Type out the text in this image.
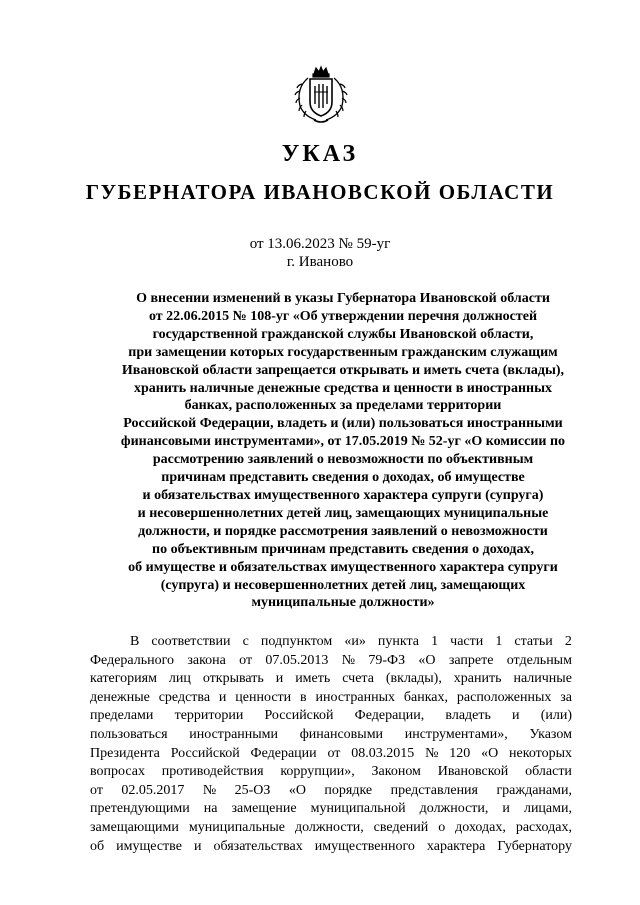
УКАЗ
ГУБЕРНАТОРА ИВАНОВСКОЙ ОБЛАСТИ
от 13.06.2023 № 59-уг
г. Иваново
О внесении изменений в указы Губернатора Ивановской области
от 22.06.2015 № 108-уг «Об утверждении перечня должностей
государственной гражданской службы Ивановской области,
при замещении которых государственным гражданским служащим
Ивановской области запрещается открывать и иметь счета (вклады),
хранить наличные денежные средства и ценности в иностранных
банках, расположенных за пределами территории
Российской Федерации, владеть и (или) пользоваться иностранными
финансовыми инструментами», от 17.05.2019 № 52-уг «О комиссии по
рассмотрению заявлений о невозможности по объективным
причинам представить сведения о доходах, об имуществе
и обязательствах имущественного характера супруги (супруга)
и несовершеннолетних детей лиц, замещающих муниципальные
должности, и порядке рассмотрения заявлений о невозможности
по объективным причинам представить сведения о доходах,
об имуществе и обязательствах имущественного характера супруги
(супруга) и несовершеннолетних детей лиц, замещающих
муниципальные должности»
В соответствии с подпунктом «и» пункта 1 части 1 статьи 2
Федерального закона от 07.05.2013 № 79-ФЗ «О запрете отдельным
категориям лиц открывать и иметь счета (вклады), хранить наличные
денежные средства и ценности в иностранных банках, расположенных за
пределами территории Российской Федерации, владеть и (или)
пользоваться иностранными финансовыми инструментами», Указом
Президента Российской Федерации от 08.03.2015 № 120 «О некоторых
вопросах противодействия коррупции», Законом Ивановской области
от 02.05.2017 № 25-ОЗ «О порядке представления гражданами,
претендующими на замещение муниципальной должности, и лицами,
замещающими муниципальные должности, сведений о доходах, расходах,
об имуществе и обязательствах имущественного характера Губернатору
